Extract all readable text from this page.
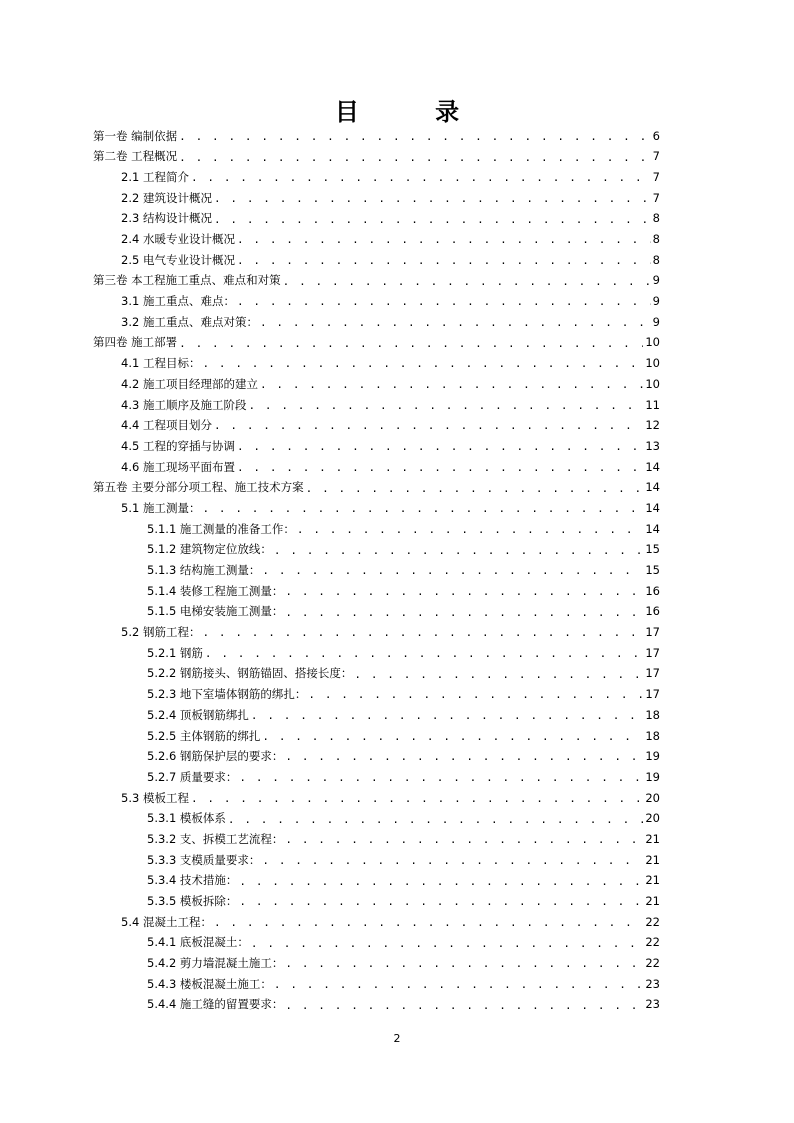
目 录
第一卷 编制依据 . . .	6
第二卷 工程概况 . . .	7
2.1 工程简介 . . .	7
2.2 建筑设计概况 . . .	7
2.3 结构设计概况 . . .	8
2.4 水暖专业设计概况 . . .	8
2.5 电气专业设计概况 . . .	8
第三卷 本工程施工重点、难点和对策 . . .	9
3.1 施工重点、难点： . . .	9
3.2 施工重点、难点对策： . . .	9
第四卷 施工部署 . . .	10
4.1 工程目标： . . .	10
4.2 施工项目经理部的建立 . . .	10
4.3 施工顺序及施工阶段 . . .	11
4.4 工程项目划分 . . .	12
4.5 工程的穿插与协调 . . .	13
4.6 施工现场平面布置 . . .	14
第五卷 主要分部分项工程、施工技术方案 . . .	14
5.1 施工测量： . . .	14
5.1.1 施工测量的准备工作： . . .	14
5.1.2 建筑物定位放线： . . .	15
5.1.3 结构施工测量： . . .	15
5.1.4 装修工程施工测量： . . .	16
5.1.5 电梯安装施工测量： . . .	16
5.2 钢筋工程： . . .	17
5.2.1 钢筋 . . .	17
5.2.2 钢筋接头、钢筋锚固、搭接长度： . . .	17
5.2.3 地下室墙体钢筋的绑扎： . . .	17
5.2.4 顶板钢筋绑扎 . . .	18
5.2.5 主体钢筋的绑扎 . . .	18
5.2.6 钢筋保护层的要求： . . .	19
5.2.7 质量要求： . . .	19
5.3 模板工程 . . .	20
5.3.1 模板体系 . . .	20
5.3.2 支、拆模工艺流程： . . .	21
5.3.3 支模质量要求： . . .	21
5.3.4 技术措施： . . .	21
5.3.5 模板拆除： . . .	21
5.4 混凝土工程： . . .	22
5.4.1 底板混凝土： . . .	22
5.4.2 剪力墙混凝土施工： . . .	22
5.4.3 楼板混凝土施工： . . .	23
5.4.4 施工缝的留置要求： . . .	23
2
